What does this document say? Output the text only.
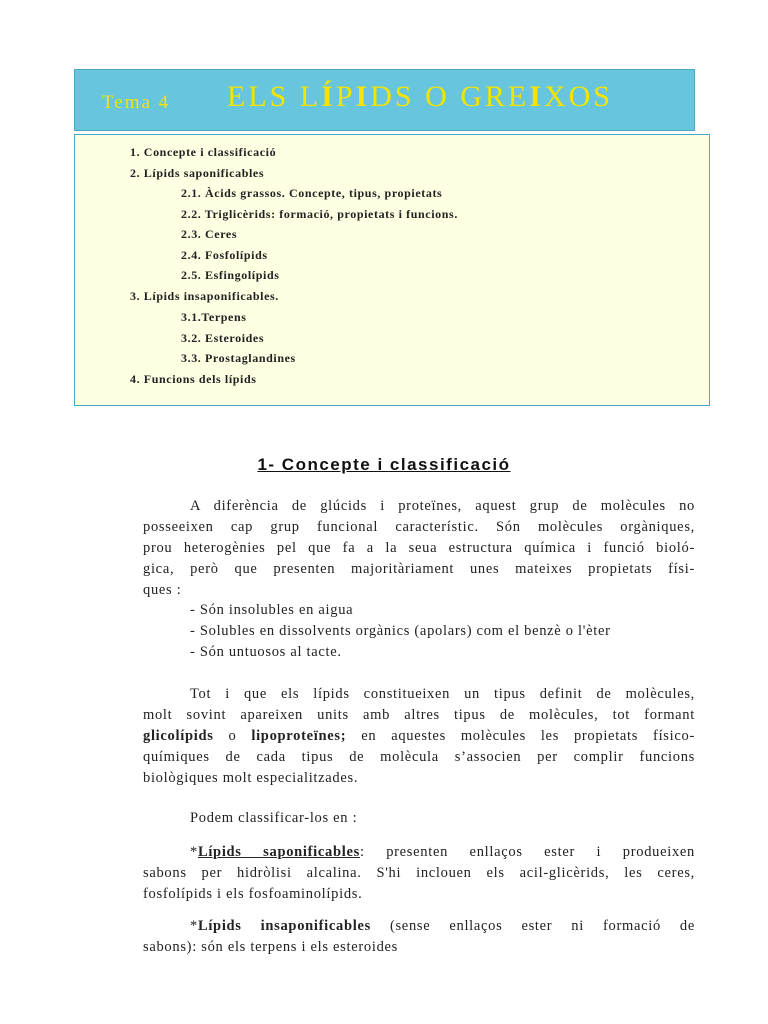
Tema 4 ELS LÍPIDS O GREIXOS
1. Concepte i classificació
2. Lípids saponificables
2.1. Àcids grassos. Concepte, tipus, propietats
2.2. Triglicèrids: formació, propietats i funcions.
2.3. Ceres
2.4. Fosfolípids
2.5. Esfingolípids
3. Lípids insaponificables.
3.1.Terpens
3.2. Esteroides
3.3. Prostaglandines
4. Funcions dels lípids
1- Concepte i classificació
A diferència de glúcids i proteïnes, aquest grup de molècules no
posseeixen cap grup funcional característic. Són molècules orgàniques,
prou heterogènies pel que fa a la seua estructura química i funció bioló-
gica, però que presenten majoritàriament unes mateixes propietats físi-
ques :
- Són insolubles en aigua
- Solubles en dissolvents orgànics (apolars) com el benzè o l'èter
- Són untuosos al tacte.
Tot i que els lípids constitueixen un tipus definit de molècules,
molt sovint apareixen units amb altres tipus de molècules, tot formant
glicolípids o lipoproteïnes; en aquestes molècules les propietats físico-
químiques de cada tipus de molècula s’associen per complir funcions
biològiques molt especialitzades.
Podem classificar-los en :
*Lípids saponificables: presenten enllaços ester i produeixen
sabons per hidròlisi alcalina. S'hi inclouen els acil-glicèrids, les ceres,
fosfolípids i els fosfoaminolípids.
*Lípids insaponificables (sense enllaços ester ni formació de
sabons): són els terpens i els esteroides
